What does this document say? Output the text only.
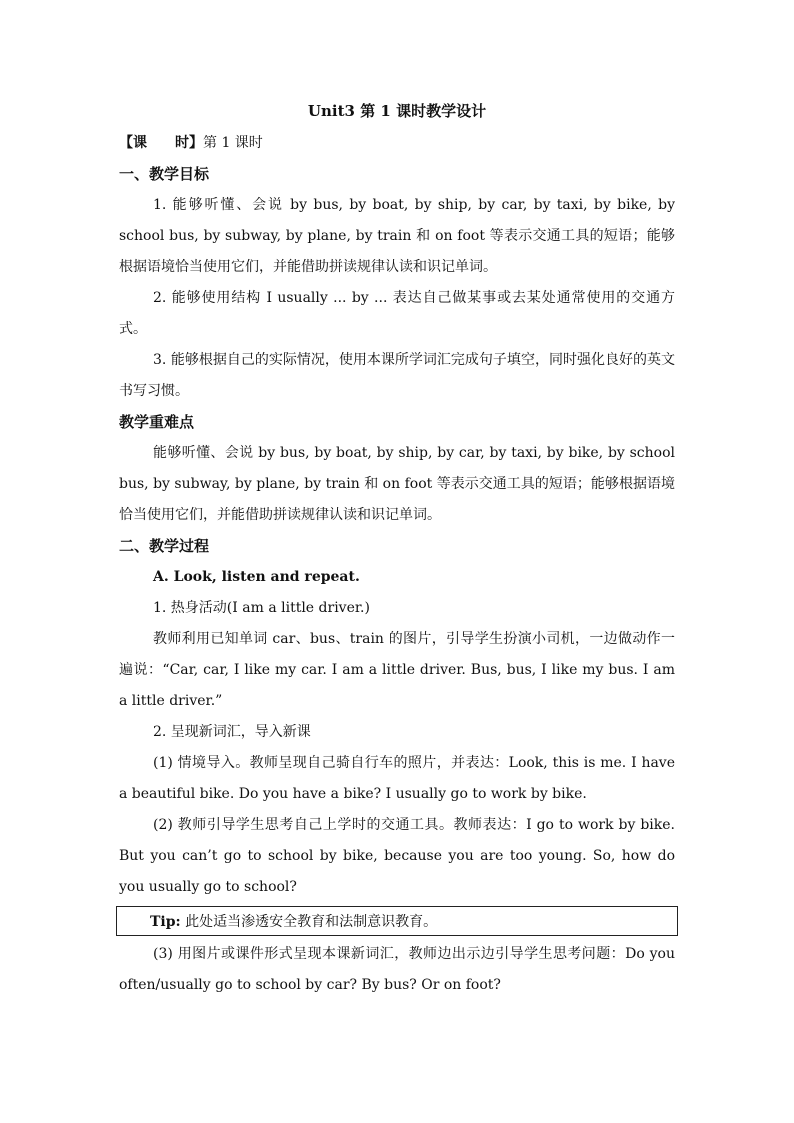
Unit3 第 1 课时教学设计
【课　　时】第 1 课时
一、教学目标

1. 能够听懂、会说 by bus, by boat, by ship, by car, by taxi, by bike, by school bus, by subway, by plane, by train 和 on foot 等表示交通工具的短语；能够根据语境恰当使用它们，并能借助拼读规律认读和识记单词。

2. 能够使用结构 I usually ... by ... 表达自己做某事或去某处通常使用的交通方式。

3. 能够根据自己的实际情况，使用本课所学词汇完成句子填空，同时强化良好的英文书写习惯。

教学重难点

能够听懂、会说 by bus, by boat, by ship, by car, by taxi, by bike, by school bus, by subway, by plane, by train 和 on foot 等表示交通工具的短语；能够根据语境恰当使用它们，并能借助拼读规律认读和识记单词。

二、教学过程
A. Look, listen and repeat.
1. 热身活动(I am a little driver.)

教师利用已知单词 car、bus、train 的图片，引导学生扮演小司机，一边做动作一遍说：“Car, car, I like my car. I am a little driver. Bus, bus, I like my bus. I am a little driver.”

2. 呈现新词汇，导入新课

(1) 情境导入。教师呈现自己骑自行车的照片，并表达：Look, this is me. I have a beautiful bike. Do you have a bike? I usually go to work by bike.

(2) 教师引导学生思考自己上学时的交通工具。教师表达：I go to work by bike. But you can’t go to school by bike, because you are too young. So, how do you usually go to school?

Tip: 此处适当渗透安全教育和法制意识教育。

(3) 用图片或课件形式呈现本课新词汇，教师边出示边引导学生思考问题：Do you often/usually go to school by car? By bus? Or on foot?
